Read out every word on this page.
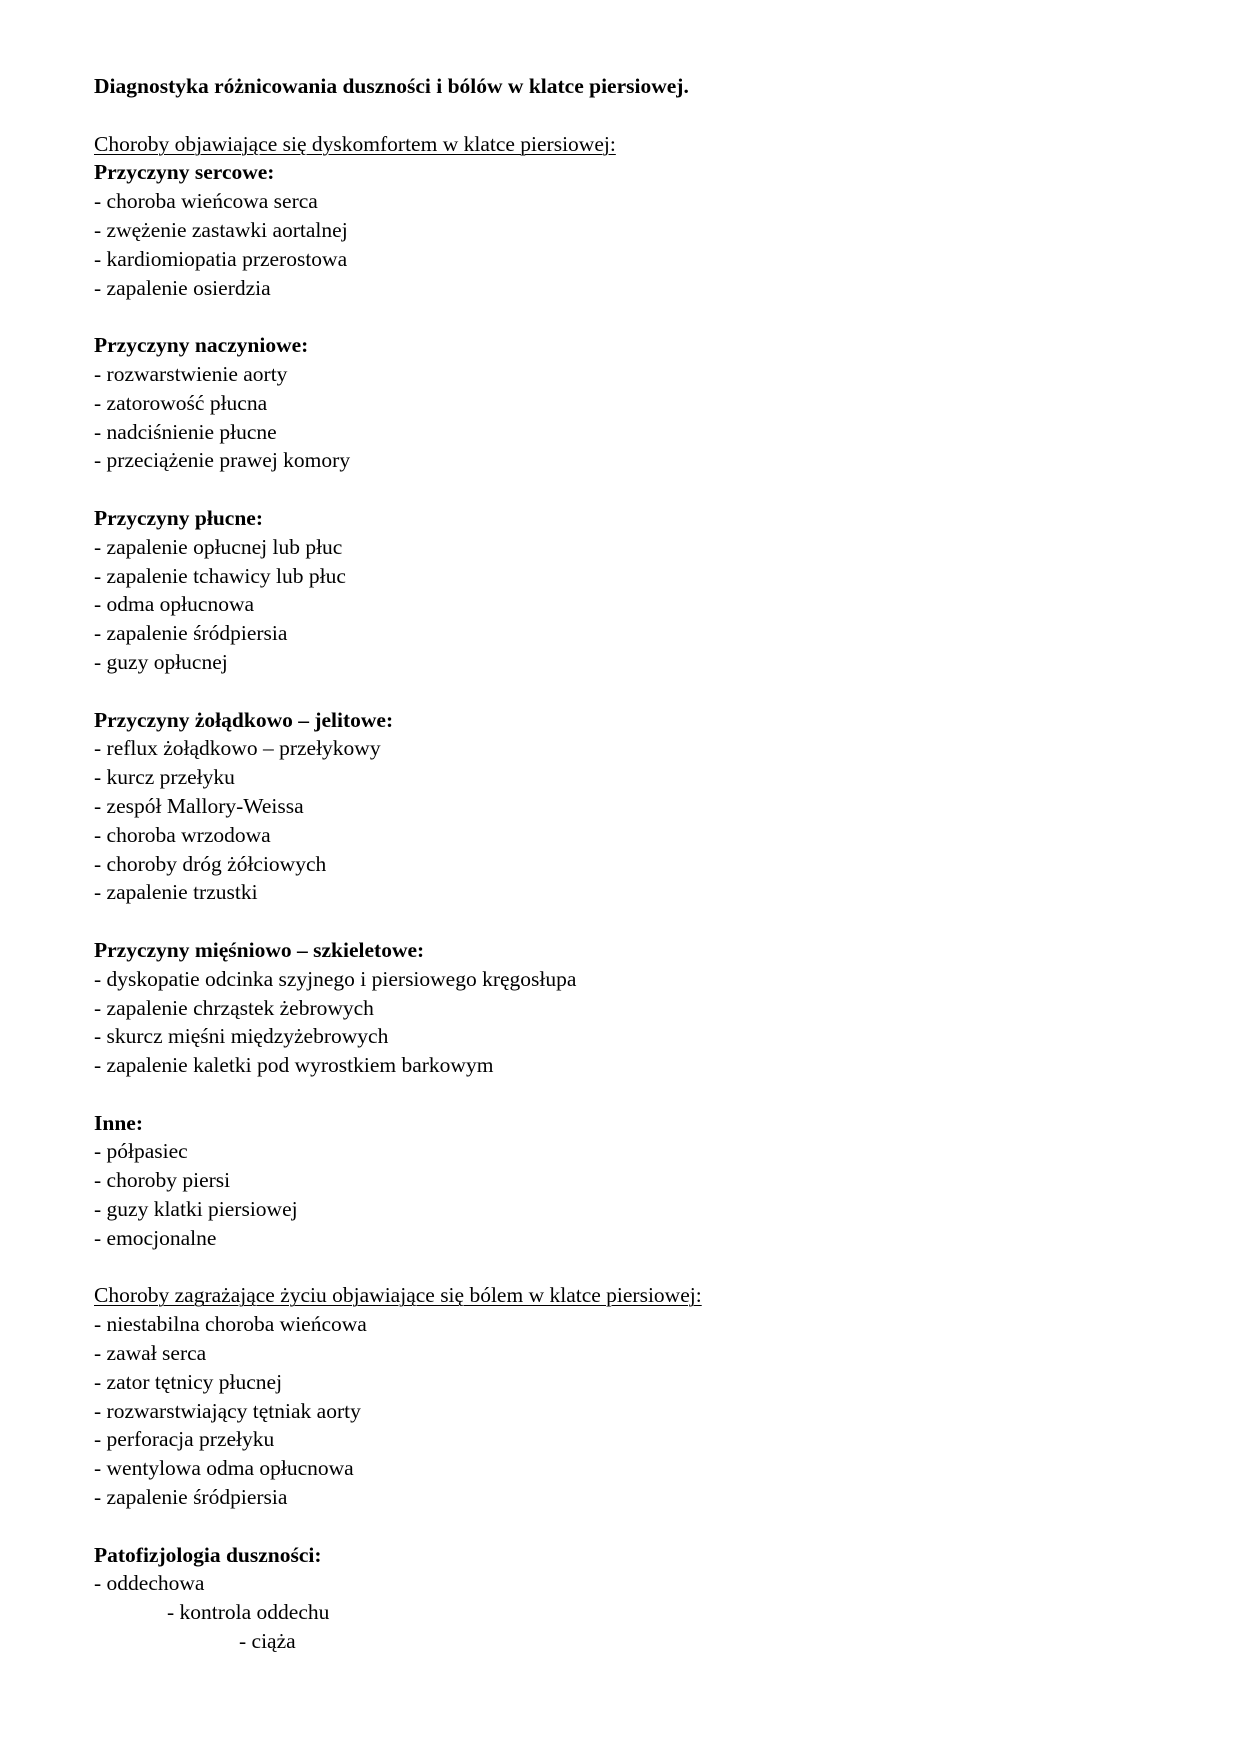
Diagnostyka różnicowania duszności i bólów w klatce piersiowej.
Choroby objawiające się dyskomfortem w klatce piersiowej:
Przyczyny sercowe:
- choroba wieńcowa serca
- zwężenie zastawki aortalnej
- kardiomiopatia przerostowa
- zapalenie osierdzia
Przyczyny naczyniowe:
- rozwarstwienie aorty
- zatorowość płucna
- nadciśnienie płucne
- przeciążenie prawej komory
Przyczyny płucne:
- zapalenie opłucnej lub płuc
- zapalenie tchawicy lub płuc
- odma opłucnowa
- zapalenie śródpiersia
- guzy opłucnej
Przyczyny żołądkowo – jelitowe:
- reflux żołądkowo – przełykowy
- kurcz przełyku
- zespół Mallory-Weissa
- choroba wrzodowa
- choroby dróg żółciowych
- zapalenie trzustki
Przyczyny mięśniowo – szkieletowe:
- dyskopatie odcinka szyjnego i piersiowego kręgosłupa
- zapalenie chrząstek żebrowych
- skurcz mięśni międzyżebrowych
- zapalenie kaletki pod wyrostkiem barkowym
Inne:
- półpasiec
- choroby piersi
- guzy klatki piersiowej
- emocjonalne
Choroby zagrażające życiu objawiające się bólem w klatce piersiowej:
- niestabilna choroba wieńcowa
- zawał serca
- zator tętnicy płucnej
- rozwarstwiający tętniak aorty
- perforacja przełyku
- wentylowa odma opłucnowa
- zapalenie śródpiersia
Patofizjologia duszności:
- oddechowa
- kontrola oddechu
- ciąża
